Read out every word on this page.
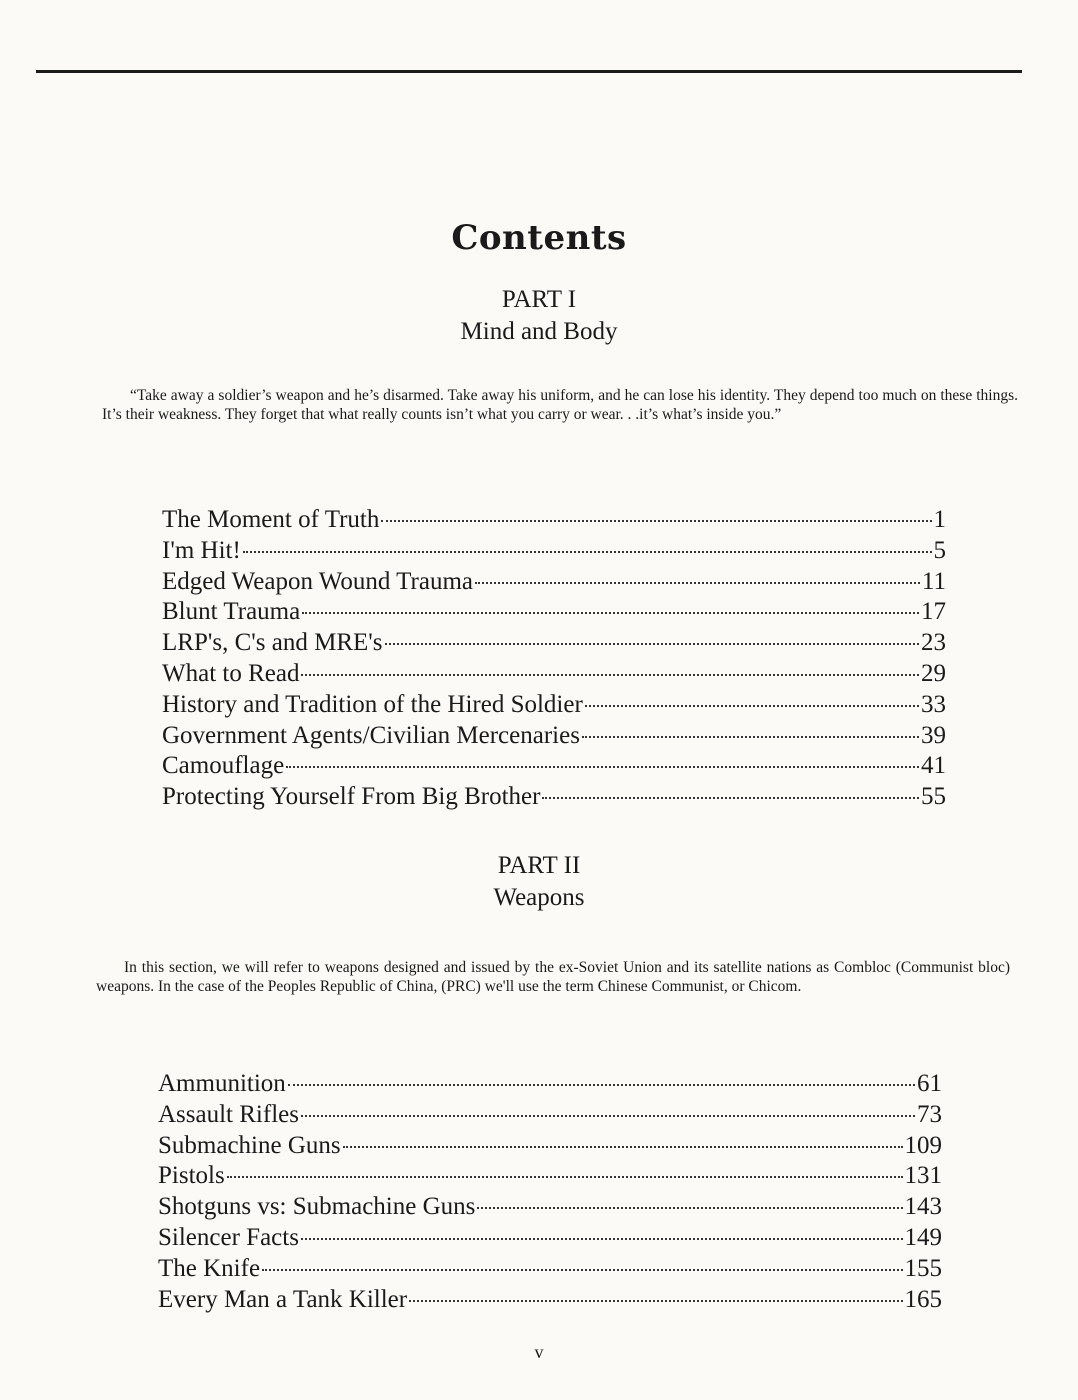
Contents
PART I
Mind and Body
“Take away a soldier’s weapon and he’s disarmed. Take away his uniform, and he can lose his identity. They depend too much on these things. It’s their weakness. They forget that what really counts isn’t what you carry or wear. . .it’s what’s inside you.”
The Moment of Truth	1
I'm Hit!	5
Edged Weapon Wound Trauma	11
Blunt Trauma	17
LRP's, C's and MRE's	23
What to Read	29
History and Tradition of the Hired Soldier	33
Government Agents/Civilian Mercenaries	39
Camouflage	41
Protecting Yourself From Big Brother	55
PART II
Weapons
In this section, we will refer to weapons designed and issued by the ex-Soviet Union and its satellite nations as Combloc (Communist bloc) weapons. In the case of the Peoples Republic of China, (PRC) we'll use the term Chinese Communist, or Chicom.
Ammunition	61
Assault Rifles	73
Submachine Guns	109
Pistols	131
Shotguns vs: Submachine Guns	143
Silencer Facts	149
The Knife	155
Every Man a Tank Killer	165
v
